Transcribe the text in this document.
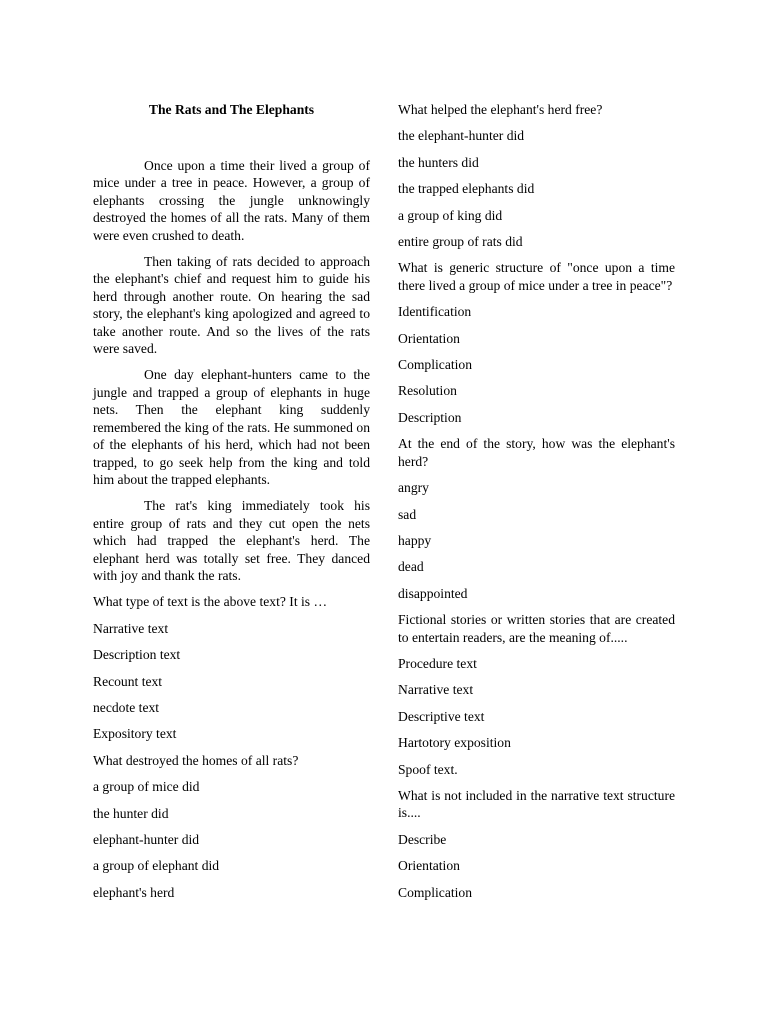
The Rats and The Elephants

Once upon a time their lived a group of mice under a tree in peace. However, a group of elephants crossing the jungle unknowingly destroyed the homes of all the rats. Many of them were even crushed to death.

Then taking of rats decided to approach the elephant's chief and request him to guide his herd through another route. On hearing the sad story, the elephant's king apologized and agreed to take another route. And so the lives of the rats were saved.

One day elephant-hunters came to the jungle and trapped a group of elephants in huge nets. Then the elephant king suddenly remembered the king of the rats. He summoned on of the elephants of his herd, which had not been trapped, to go seek help from the king and told him about the trapped elephants.

The rat's king immediately took his entire group of rats and they cut open the nets which had trapped the elephant's herd. The elephant herd was totally set free. They danced with joy and thank the rats.

What type of text is the above text? It is …

Narrative text

Description text

Recount text

necdote text

Expository text

What destroyed the homes of all rats?

a group of mice did

the hunter did

elephant-hunter did

a group of elephant did

elephant's herd

What helped the elephant's herd free?

the elephant-hunter did

the hunters did

the trapped elephants did

a group of king did

entire group of rats did

What is generic structure of "once upon a time there lived a group of mice under a tree in peace"?

Identification

Orientation

Complication

Resolution

Description

At the end of the story, how was the elephant's herd?

angry

sad

happy

dead

disappointed

Fictional stories or written stories that are created to entertain readers, are the meaning of.....

Procedure text

Narrative text

Descriptive text

Hartotory exposition

Spoof text.

What is not included in the narrative text structure is....

Describe

Orientation

Complication
